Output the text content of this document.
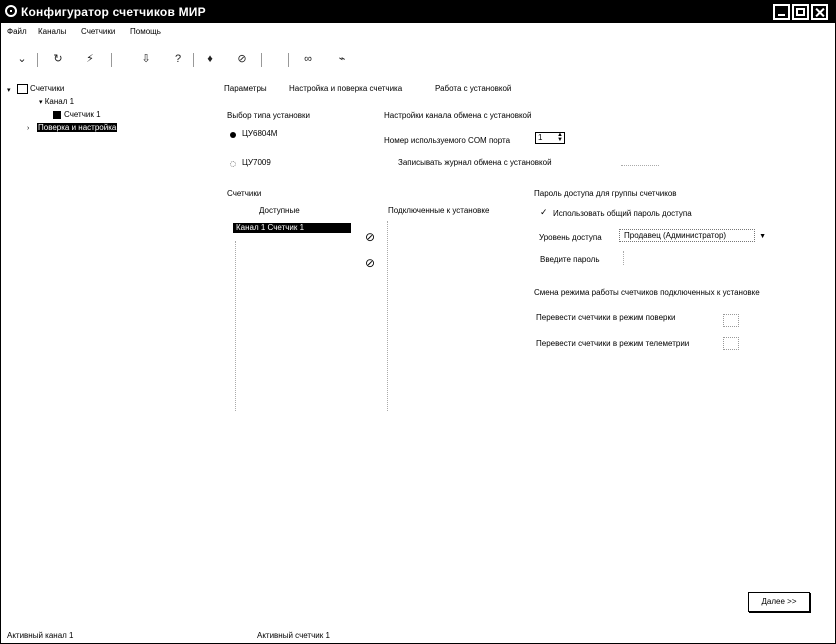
Конфигуратор счетчиков МИР
Файл Каналы Счетчики Помощь
⌄	↻	⚡	⇩	?	♦	⊘	∞	⌁
▾	Счетчики
▾ Канал 1
Счетчик 1
› Поверка и настройка
Параметры	Настройка и поверка счетчика	Работа с установкой
Выбор типа установки
ЦУ6804М
ЦУ7009
Настройки канала обмена с установкой
Номер используемого COM порта	1 ▲
▼
Записывать журнал обмена с установкой
Счетчики
Доступные	Подключенные к установке
Канал 1 Счетчик 1
⊘
⊘
Пароль доступа для группы счетчиков
✓ Использовать общий пароль доступа
Уровень доступа	Продавец (Администратор)	▼
Введите пароль
Смена режима работы счетчиков подключенных к установке
Перевести счетчики в режим поверки
Перевести счетчики в режим телеметрии
Далее >>
Активный канал 1	Активный счетчик 1
